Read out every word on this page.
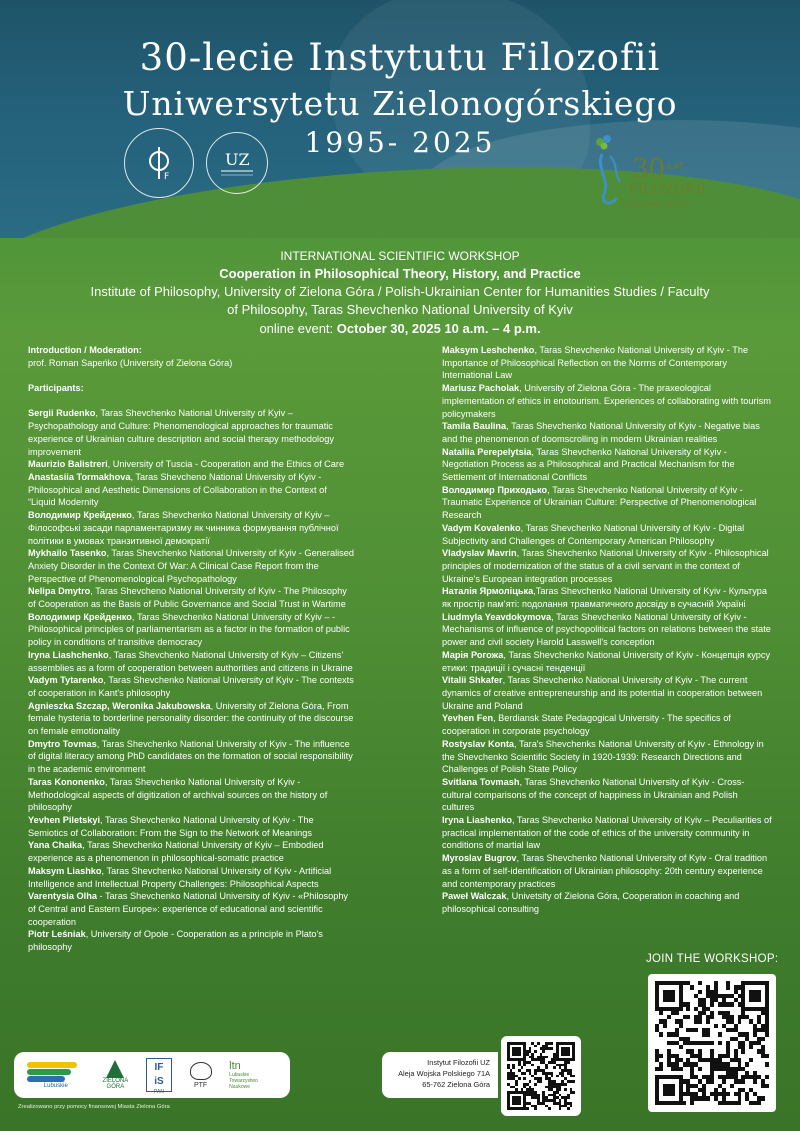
30-lecie Instytutu Filozofii
Uniwersytetu Zielonogórskiego
1995- 2025
F
UZ	30 LAT
FILOZOFII
W ZIELONEJ GÓRZE
INTERNATIONAL SCIENTIFIC WORKSHOP
Cooperation in Philosophical Theory, History, and Practice
Institute of Philosophy, University of Zielona Góra / Polish-Ukrainian Center for Humanities Studies / Faculty
of Philosophy, Taras Shevchenko National University of Kyiv
online event: October 30, 2025 10 a.m. – 4 p.m.
Introduction / Moderation:
prof. Roman Sapeńko (University of Zielona Góra)
Participants:
Sergii Rudenko, Taras Shevchenko National University of Kyiv – Psychopathology and Culture: Phenomenological approaches for traumatic experience of Ukrainian culture description and social therapy methodology improvement
Maurizio Balistreri, University of Tuscia - Cooperation and the Ethics of Care
Anastasiia Tormakhova, Taras Shevcheno National University of Kyiv - Philosophical and Aesthetic Dimensions of Collaboration in the Context of “Liquid Modernity
Володимир Крейденко, Taras Shevchenko National University of Kyiv – Філософські засади парламентаризму як чинника формування публічної політики в умовах транзитивної демократії
Mykhailo Tasenko, Taras Shevchenko National University of Kyiv - Generalised Anxiety Disorder in the Context Of War: A Clinical Case Report from the Perspective of Phenomenological Psychopathology
Nelipa Dmytro, Taras Shevcheno National University of Kyiv - The Philosophy of Cooperation as the Basis of Public Governance and Social Trust in Wartime
Володимир Крейденко, Taras Shevchenko National University of Kyiv – - Philosophical principles of parliamentarism as a factor in the formation of public policy in conditions of transitive democracy
Iryna Liashchenko, Taras Shevchenko National University of Kyiv – Citizens’ assemblies as a form of cooperation between authorities and citizens in Ukraine
Vadym Tytarenko, Taras Shevchenko National University of Kyiv - The contexts of cooperation in Kant's philosophy
Agnieszka Szczap, Weronika Jakubowska, University of Zielona Góra, From female hysteria to borderline personality disorder: the continuity of the discourse on female emotionality
Dmytro Tovmas, Taras Shevchenko National University of Kyiv - The influence of digital literacy among PhD candidates on the formation of social responsibility in the academic environment
Taras Kononenko, Taras Shevchenko National University of Kyiv - Methodological aspects of digitization of archival sources on the history of philosophy
Yevhen Piletskyi, Taras Shevchenko National University of Kyiv - The Semiotics of Collaboration: From the Sign to the Network of Meanings
Yana Chaika, Taras Shevchenko National University of Kyiv – Embodied experience as a phenomenon in philosophical-somatic practice
Maksym Liashko, Taras Shevchenko National University of Kyiv - Artificial Intelligence and Intellectual Property Challenges: Philosophical Aspects
Varentysia Olha - Taras Shevchenko National University of Kyiv - «Philosophy of Central and Eastern Europe»: experience of educational and scientific cooperation
Piotr Leśniak, University of Opole - Cooperation as a principle in Plato's philosophy
Maksym Leshchenko, Taras Shevchenko National University of Kyiv - The Importance of Philosophical Reflection on the Norms of Contemporary International Law
Mariusz Pacholak, University of Zielona Góra - The praxeological implementation of ethics in enotourism. Experiences of collaborating with tourism policymakers
Tamila Baulina, Taras Shevchenko National University of Kyiv - Negative bias and the phenomenon of doomscrolling in modern Ukrainian realities
Nataliia Perepelytsia, Taras Shevchenko National University of Kyiv - Negotiation Process as a Philosophical and Practical Mechanism for the Settlement of International Conflicts
Володимир Приходько, Taras Shevchenko National University of Kyiv - Traumatic Experience of Ukrainian Culture: Perspective of Phenomenological Research
Vadym Kovalenko, Taras Shevchenko National University of Kyiv - Digital Subjectivity and Challenges of Contemporary American Philosophy
Vladyslav Mavrin, Taras Shevchenko National University of Kyiv - Philosophical principles of modernization of the status of a civil servant in the context of Ukraine's European integration processes
Наталія Ярмоліцька,Taras Shevchenko National University of Kyiv - Культура як простір пам’яті: подолання травматичного досвіду в сучасній Україні
Liudmyla Yeavdokymova, Taras Shevchenko National University of Kyiv - Mechanisms of influence of psychopolitical factors on relations between the state power and civil society Harold Lasswell's conception
Марія Рогожа, Taras Shevchenko National University of Kyiv - Концепція курсу етики: традиції і сучасні тенденції
Vitalii Shkafer, Taras Shevchenko National University of Kyiv - The current dynamics of creative entrepreneurship and its potential in cooperation between Ukraine and Poland
Yevhen Fen, Berdiansk State Pedagogical University - The specifics of cooperation in corporate psychology
Rostyslav Konta, Tara's Shevchenks National University of Kyiv - Ethnology in the Shevchenko Scientific Society in 1920-1939: Research Directions and Challenges of Polish State Policy
Svitlana Tovmash, Taras Shevchenko National University of Kyiv - Cross-cultural comparisons of the concept of happiness in Ukrainian and Polish cultures
Iryna Liashenko, Taras Shevchenko National University of Kyiv – Peculiarities of practical implementation of the code of ethics of the university community in conditions of martial law
Myroslav Bugrov, Taras Shevchenko National University of Kyiv - Oral tradition as a form of self-identification of Ukrainian philosophy: 20th century experience and contemporary practices
Paweł Walczak, Univetsity of Zielona Góra, Cooperation in coaching and philosophical consulting
JOIN THE WORKSHOP:
Lubuskie
ZIELONA GÓRA
IF
iS
PAN
PTF
ltn
Lubuskie Towarzystwo Naukowe
Instytut Filozofii UZ
Aleja Wojska Polskiego 71A
65-762 Zielona Góra
Zrealizowano przy pomocy finansowej Miasta Zielona Góra
